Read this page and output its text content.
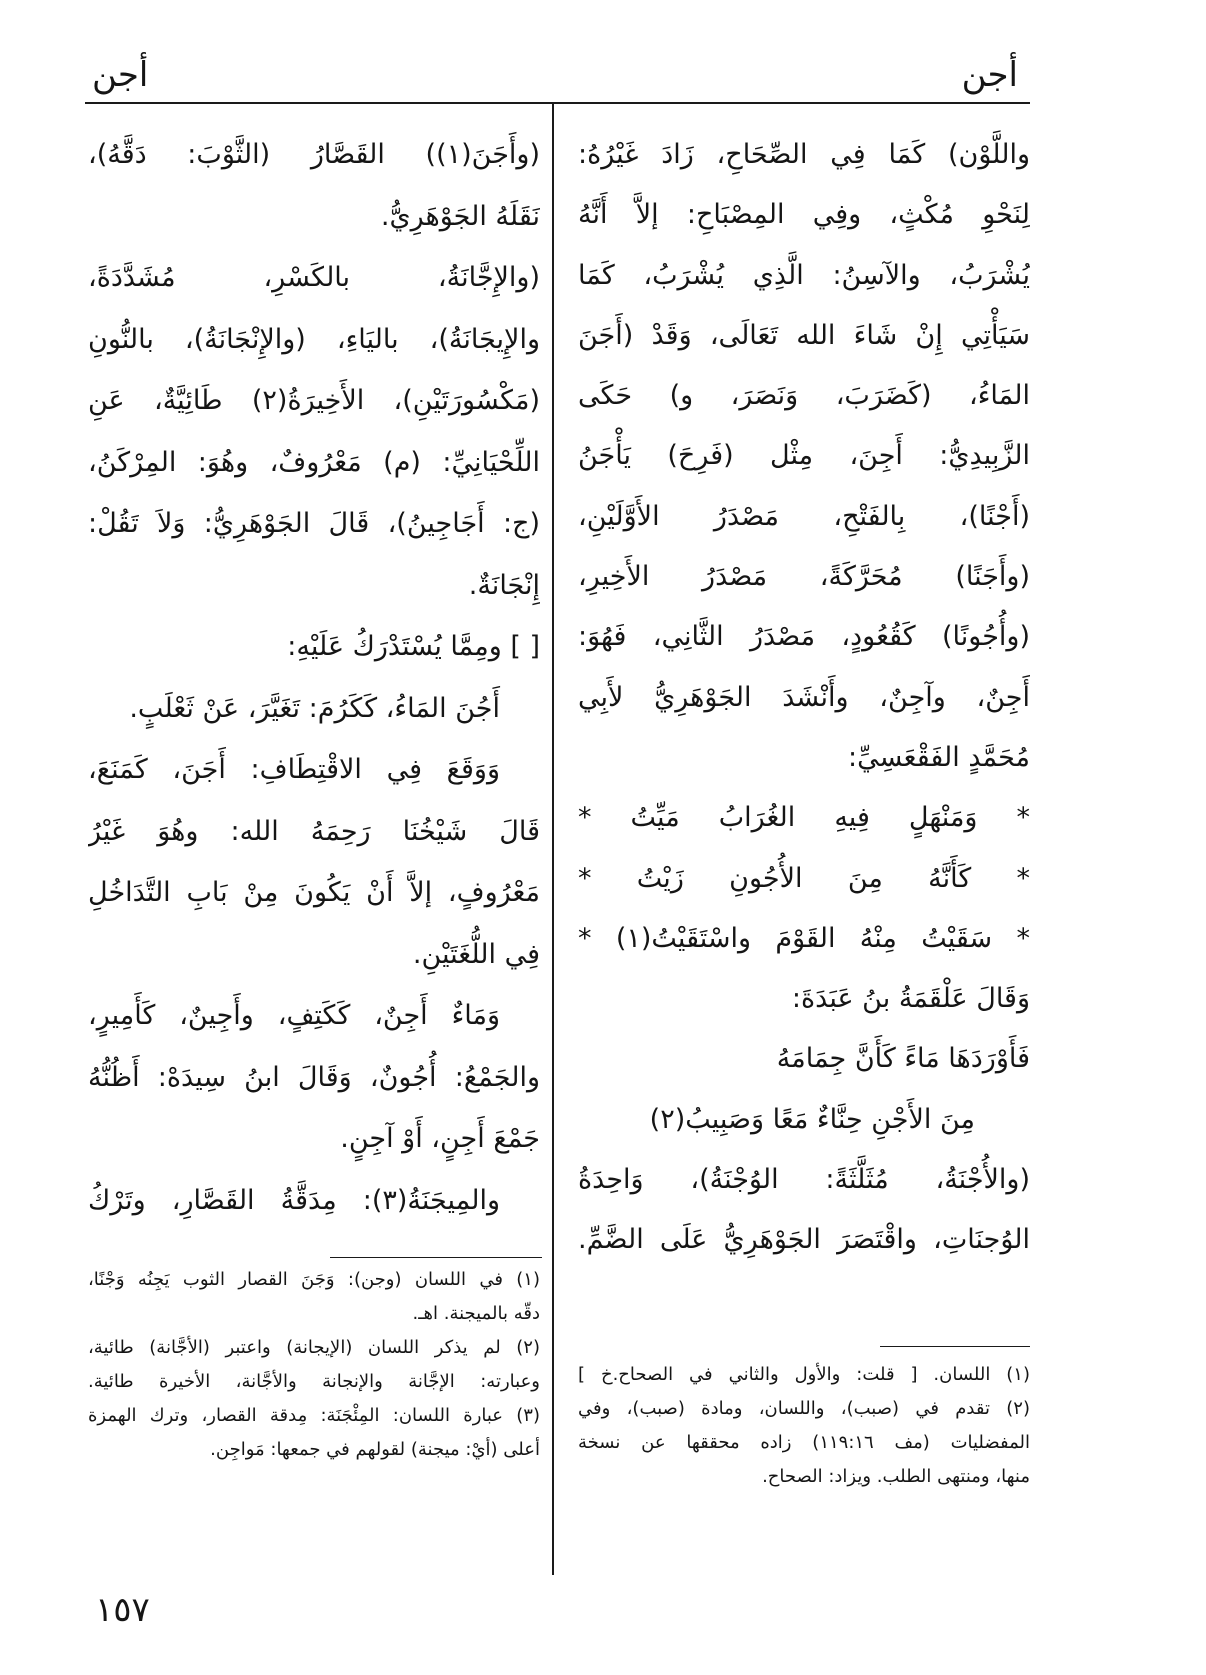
أجن
أجن
واللَّوْن) كَمَا فِي الصِّحَاحِ، زَادَ غَيْرُهُ:
لِنَحْوِ مُكْثٍ، وفِي المِصْبَاحِ: إلاَّ أَنَّهُ
يُشْرَبُ، والآسِنُ: الَّذِي يُشْرَبُ، كَمَا
سَيَأْتِي إِنْ شَاءَ الله تَعَالَى، وَقَدْ (أَجَنَ
المَاءُ، (كَضَرَبَ، وَنَصَرَ، و) حَكَى
الزَّبِيدِيُّ: أَجِنَ، مِثْل (فَرِحَ) يَأْجَنُ
(أَجْنًا)، بِالفَتْحِ، مَصْدَرُ الأَوَّلَيْنِ،
(وأَجَنًا) مُحَرَّكَةً، مَصْدَرُ الأَخِيرِ،
(وأُجُونًا) كَقُعُودٍ، مَصْدَرُ الثَّانِي، فَهُوَ:
أَجِنٌ، وآجِنٌ، وأَنْشَدَ الجَوْهَرِيُّ لأَبِي
مُحَمَّدٍ الفَقْعَسِيِّ:
* وَمَنْهَلٍ فِيهِ الغُرَابُ مَيِّتُ *
* كَأَنَّهُ مِنَ الأُجُونِ زَيْتُ *
* سَقَيْتُ مِنْهُ القَوْمَ واسْتَقَيْتُ(١) *
وَقَالَ عَلْقَمَةُ بنُ عَبَدَةَ:
فَأَوْرَدَهَا مَاءً كَأَنَّ جِمَامَهُ
مِنَ الأَجْنِ حِنَّاءٌ مَعًا وَصَبِيبُ(٢)
(والأُجْنَةُ، مُثَلَّثَةً: الوُجْنَةُ)، وَاحِدَةُ
الوُجنَاتِ، واقْتَصَرَ الجَوْهَرِيُّ عَلَى الضَّمِّ.
(١) اللسان. [ قلت: والأول والثاني في الصحاح.خ ]
(٢) تقدم في (صبب)، واللسان، ومادة (صبب)، وفي
المفضليات (مف ١١٩:١٦) زاده محققها عن نسخة
منها، ومنتهى الطلب. ويزاد: الصحاح.
(وأَجَنَ(١)) القَصَّارُ (الثَّوْبَ: دَقَّهُ)،
نَقَلَهُ الجَوْهَرِيُّ.
(والإِجَّانَةُ، بالكَسْرِ، مُشَدَّدَةً،
والإِيجَانَةُ)، باليَاءِ، (والإِنْجَانَةُ)، بالنُّونِ
(مَكْسُورَتَيْنِ)، الأَخِيرَةُ(٢) طَائِيَّةٌ، عَنِ
اللِّحْيَانِيِّ: (م) مَعْرُوفٌ، وهُوَ: المِرْكَنُ،
(ج: أَجَاجِينُ)، قَالَ الجَوْهَرِيُّ: وَلاَ تَقُلْ:
إِنْجَانَةٌ.
[ ] ومِمَّا يُسْتَدْرَكُ عَلَيْهِ:
أَجُنَ المَاءُ، كَكَرُمَ: تَغَيَّرَ، عَنْ ثَعْلَبٍ.
وَوَقَعَ فِي الاقْتِطَافِ: أَجَنَ، كَمَنَعَ،
قَالَ شَيْخُنَا رَحِمَهُ الله: وهُوَ غَيْرُ
مَعْرُوفٍ، إلاَّ أَنْ يَكُونَ مِنْ بَابِ التَّدَاخُلِ
فِي اللُّغَتَيْنِ.
وَمَاءٌ أَجِنٌ، كَكَتِفٍ، وأَجِينٌ، كَأَمِيرٍ،
والجَمْعُ: أُجُونٌ، وَقَالَ ابنُ سِيدَهْ: أَظُنُّهُ
جَمْعَ أَجِنٍ، أَوْ آجِنٍ.
والمِيجَنَةُ(٣): مِدَقَّةُ القَصَّارِ، وتَرْكُ
(١) في اللسان (وجن): وَجَنَ القصار الثوب يَجِنُه وَجْنًا،
دقّه بالميجنة. اهـ.
(٢) لم يذكر اللسان (الإيجانة) واعتبر (الأجَّانة) طائية،
وعبارته: الإجَّانة والإنجانة والأجَّانة، الأخيرة طائية.
(٣) عبارة اللسان: المِئْجَنَة: مِدقة القصار، وترك الهمزة
أعلى (أيْ: ميجنة) لقولهم في جمعها: مَواجِن.
١٥٧
